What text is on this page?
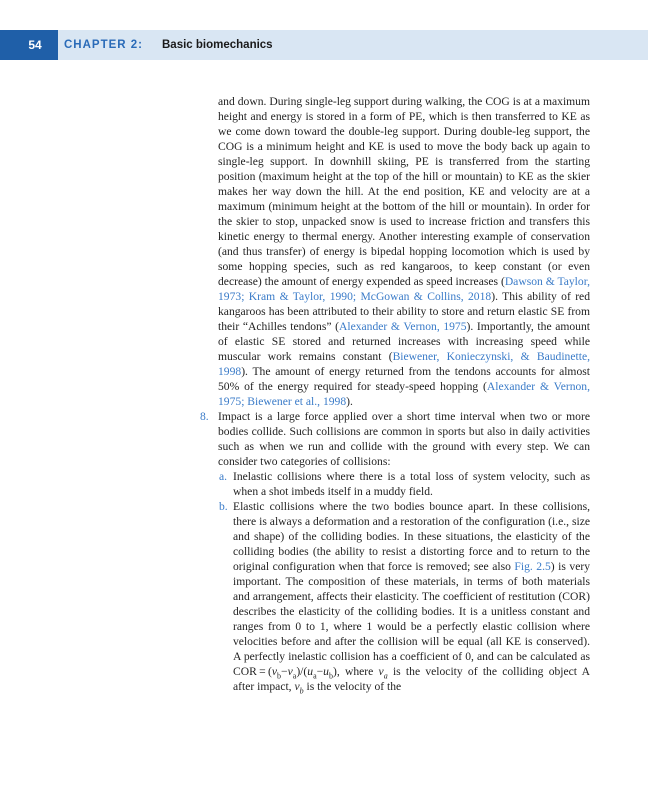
54	CHAPTER 2: Basic biomechanics

and down. During single-leg support during walking, the COG is at a maximum height and energy is stored in a form of PE, which is then transferred to KE as we come down toward the double-leg support. During double-leg support, the COG is a minimum height and KE is used to move the body back up again to single-leg support. In downhill skiing, PE is transferred from the starting position (maximum height at the top of the hill or mountain) to KE as the skier makes her way down the hill. At the end position, KE and velocity are at a maximum (minimum height at the bottom of the hill or mountain). In order for the skier to stop, unpacked snow is used to increase friction and transfers this kinetic energy to thermal energy. Another interesting example of conservation (and thus transfer) of energy is bipedal hopping locomotion which is used by some hopping species, such as red kangaroos, to keep constant (or even decrease) the amount of energy expended as speed increases (Dawson & Taylor, 1973; Kram & Taylor, 1990; McGowan & Collins, 2018). This ability of red kangaroos has been attributed to their ability to store and return elastic SE from their “Achilles tendons” (Alexander & Vernon, 1975). Importantly, the amount of elastic SE stored and returned increases with increasing speed while muscular work remains constant (Biewener, Konieczynski, & Baudinette, 1998). The amount of energy returned from the tendons accounts for almost 50% of the energy required for steady-speed hopping (Alexander & Vernon, 1975; Biewener et al., 1998).

8. Impact is a large force applied over a short time interval when two or more bodies collide. Such collisions are common in sports but also in daily activities such as when we run and collide with the ground with every step. We can consider two categories of collisions:
a. Inelastic collisions where there is a total loss of system velocity, such as when a shot imbeds itself in a muddy field.
b. Elastic collisions where the two bodies bounce apart. In these collisions, there is always a deformation and a restoration of the configuration (i.e., size and shape) of the colliding bodies. In these situations, the elasticity of the colliding bodies (the ability to resist a distorting force and to return to the original configuration when that force is removed; see also Fig. 2.5) is very important. The composition of these materials, in terms of both materials and arrangement, affects their elasticity. The coefficient of restitution (COR) describes the elasticity of the colliding bodies. It is a unitless constant and ranges from 0 to 1, where 1 would be a perfectly elastic collision where velocities before and after the collision will be equal (all KE is conserved). A perfectly inelastic collision has a coefficient of 0, and can be calculated as COR = $(v_b-v_a)/(u_a-u_b)$, where $v_a$ is the velocity of the colliding object A after impact, $v_b$ is the velocity of the
